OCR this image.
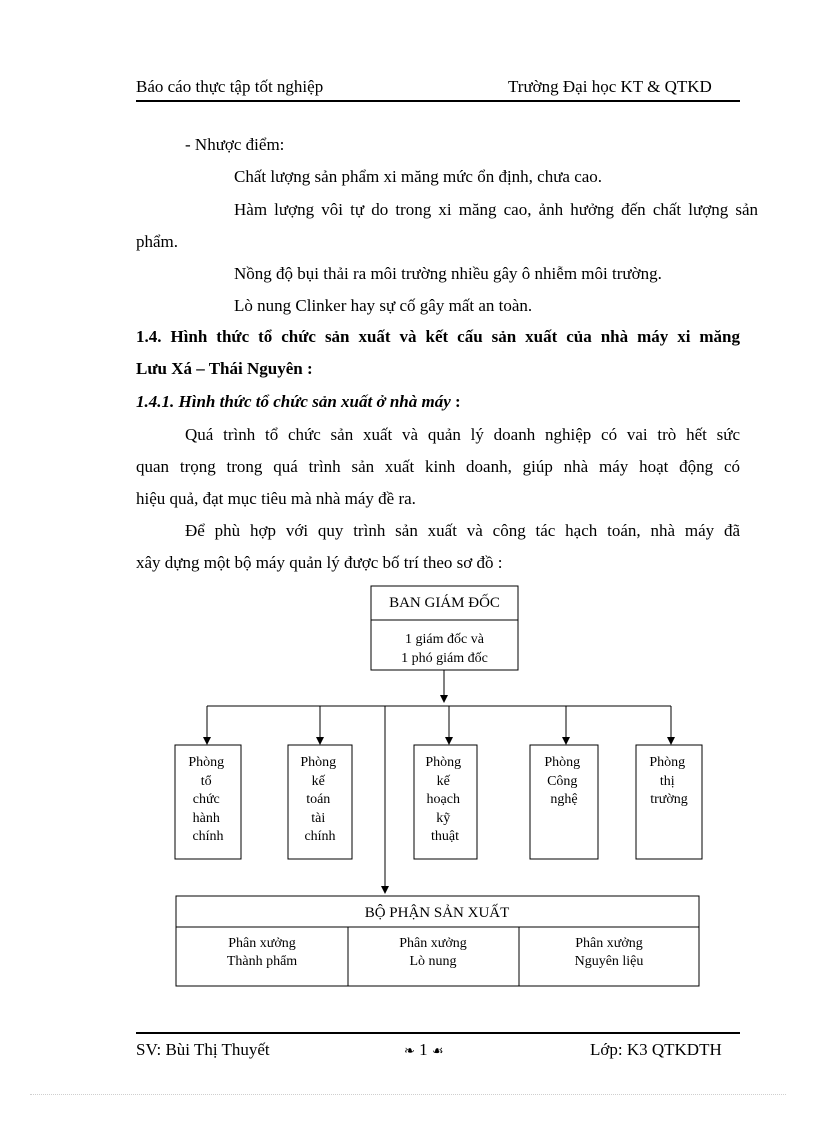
Báo cáo thực tập tốt nghiệp	Trường Đại học KT & QTKD
- Nhược điểm:
Chất lượng sản phẩm xi măng mức ổn định, chưa cao.
Hàm lượng vôi tự do trong xi măng cao, ảnh hưởng đến chất lượng sản
phẩm.
Nồng độ bụi thải ra môi trường nhiều gây ô nhiễm môi trường.
Lò nung Clinker hay sự cố gây mất an toàn.
1.4. Hình thức tổ chức sản xuất và kết cấu sản xuất của nhà máy xi măng
Lưu Xá – Thái Nguyên :
1.4.1. Hình thức tổ chức sản xuất ở nhà máy :
Quá trình tổ chức sản xuất và quản lý doanh nghiệp có vai trò hết sức
quan trọng trong quá trình sản xuất kinh doanh, giúp nhà máy hoạt động có
hiệu quả, đạt mục tiêu mà nhà máy đề ra.
Để phù hợp với quy trình sản xuất và công tác hạch toán, nhà máy đã
xây dựng một bộ máy quản lý được bố trí theo sơ đồ :
BAN GIÁM ĐỐC
1 giám đốc và
1 phó giám đốc
Phòng tổ chức hành chính
Phòng kế toán tài chính
Phòng kế hoạch kỹ thuật
Phòng Công nghệ
Phòng thị trường
BỘ PHẬN SẢN XUẤT
Phân xưởng
Thành phẩm
Phân xưởng
Lò nung
Phân xưởng
Nguyên liệu
SV: Bùi Thị Thuyết	❧ 1 ☙	Lớp: K3 QTKDTH
